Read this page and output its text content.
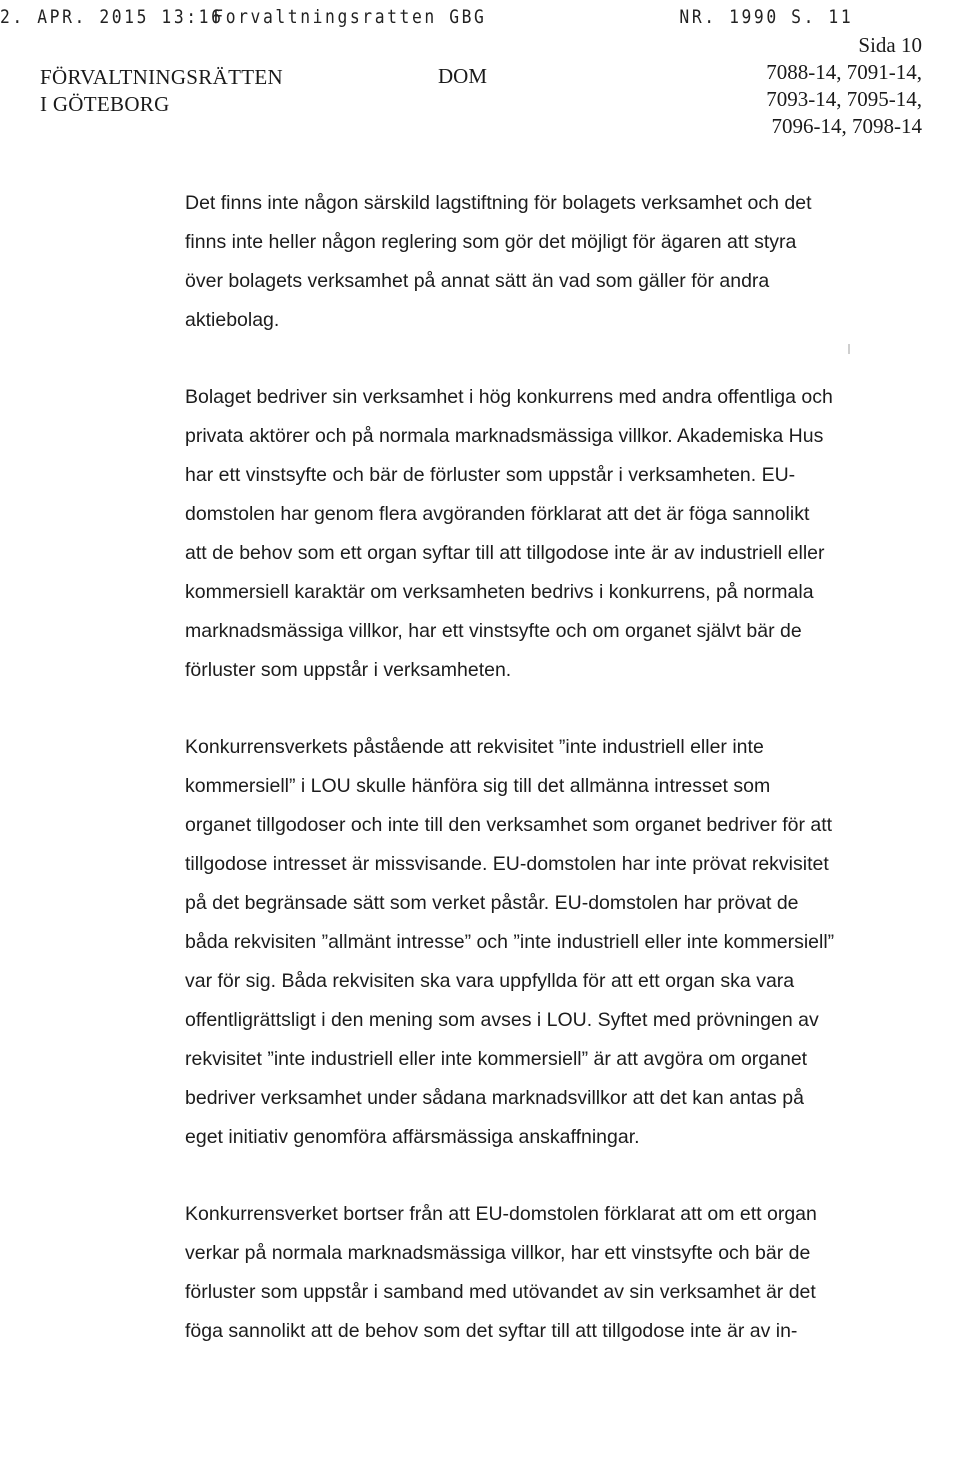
2. APR. 2015 13:16
Forvaltningsratten GBG	NR. 1990 S. 11
FÖRVALTNINGSRÄTTEN
I GÖTEBORG
DOM
Sida 10
7088-14, 7091-14,
7093-14, 7095-14,
7096-14, 7098-14

Det finns inte någon särskild lagstiftning för bolagets verksamhet och det finns inte heller någon reglering som gör det möjligt för ägaren att styra över bolagets verksamhet på annat sätt än vad som gäller för andra aktiebolag.

Bolaget bedriver sin verksamhet i hög konkurrens med andra offentliga och privata aktörer och på normala marknadsmässiga villkor. Akademiska Hus har ett vinstsyfte och bär de förluster som uppstår i verksamheten. EU-domstolen har genom flera avgöranden förklarat att det är föga sannolikt att de behov som ett organ syftar till att tillgodose inte är av industriell eller kommersiell karaktär om verksamheten bedrivs i konkurrens, på normala marknadsmässiga villkor, har ett vinstsyfte och om organet självt bär de förluster som uppstår i verksamheten.

Konkurrensverkets påstående att rekvisitet ”inte industriell eller inte kommersiell” i LOU skulle hänföra sig till det allmänna intresset som organet tillgodoser och inte till den verksamhet som organet bedriver för att tillgodose intresset är missvisande. EU-domstolen har inte prövat rekvisitet på det begränsade sätt som verket påstår. EU-domstolen har prövat de båda rekvisiten ”allmänt intresse” och ”inte industriell eller inte kommersiell” var för sig. Båda rekvisiten ska vara uppfyllda för att ett organ ska vara offentligrättsligt i den mening som avses i LOU. Syftet med prövningen av rekvisitet ”inte industriell eller inte kommersiell” är att avgöra om organet bedriver verksamhet under sådana marknadsvillkor att det kan antas på eget initiativ genomföra affärsmässiga anskaffningar.

Konkurrensverket bortser från att EU-domstolen förklarat att om ett organ verkar på normala marknadsmässiga villkor, har ett vinstsyfte och bär de förluster som uppstår i samband med utövandet av sin verksamhet är det föga sannolikt att de behov som det syftar till att tillgodose inte är av in-
